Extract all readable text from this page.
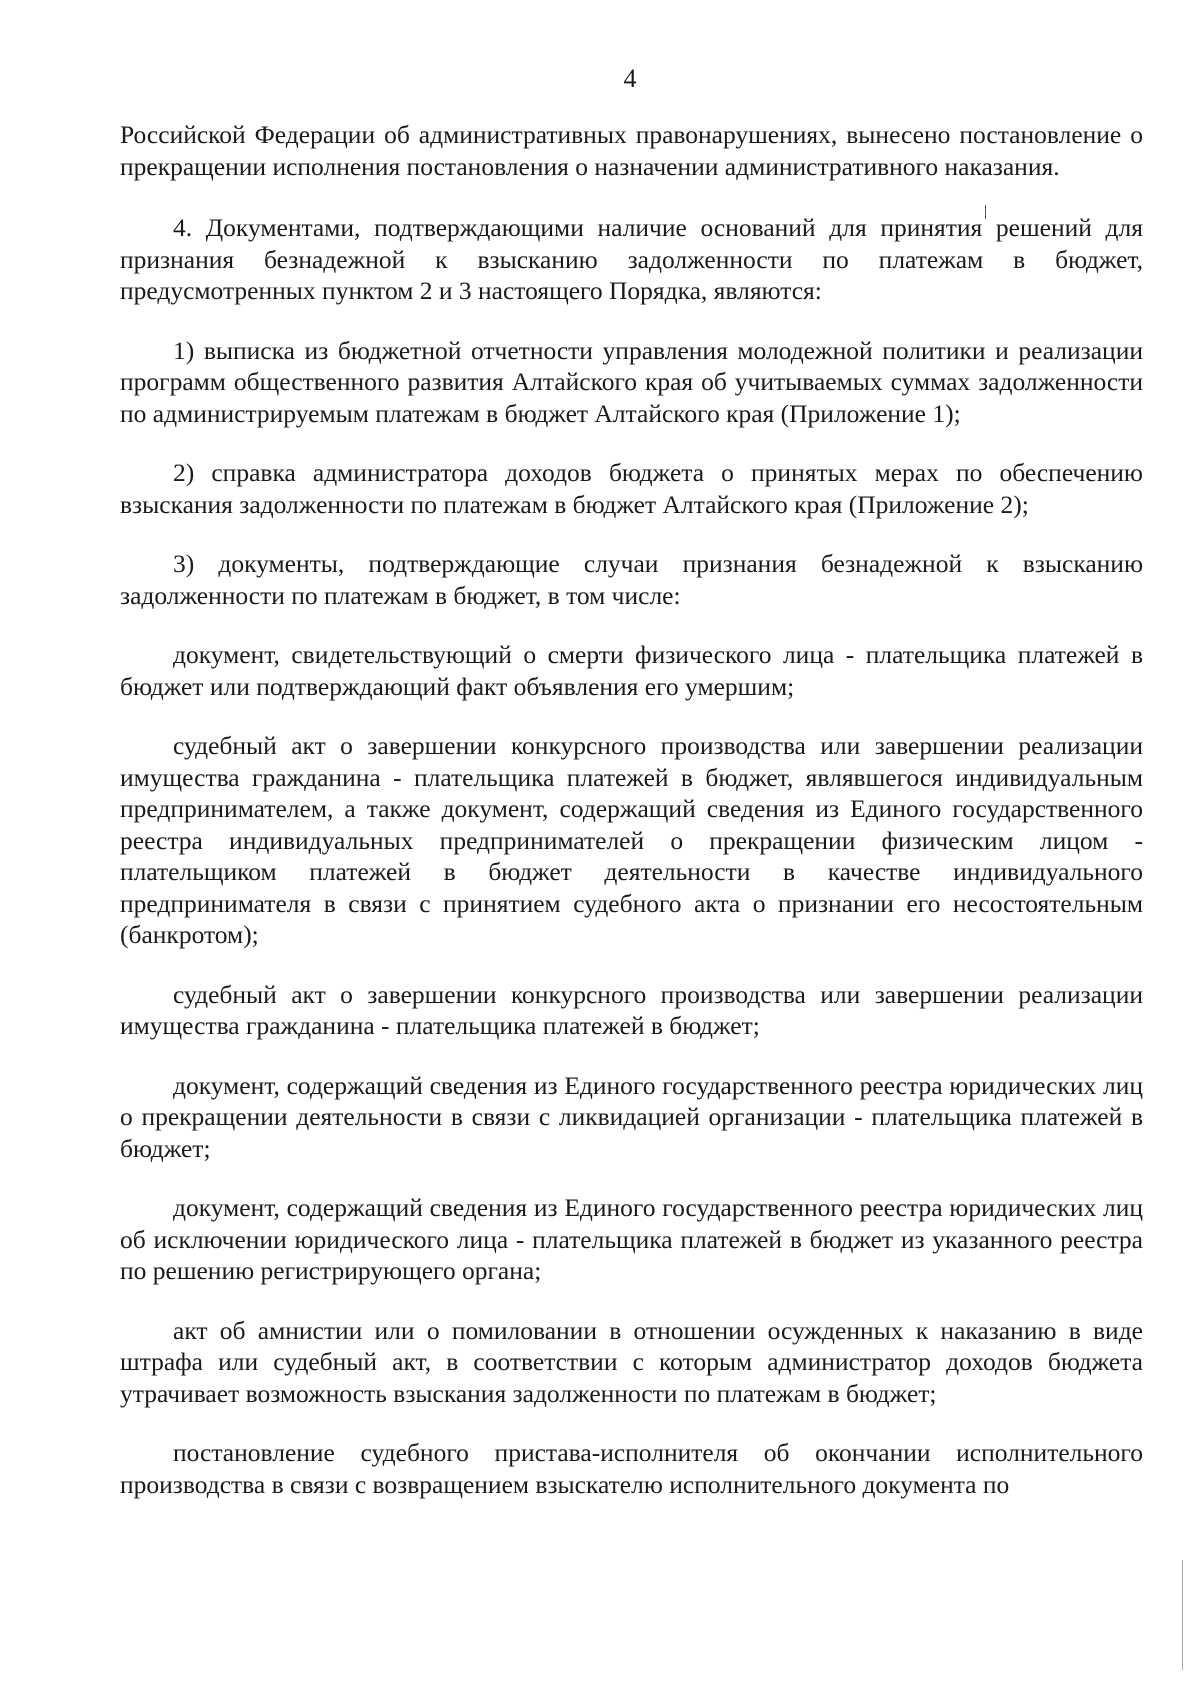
4

Российской Федерации об административных правонарушениях, вынесено постановление о прекращении исполнения постановления о назначении административного наказания.

4. Документами, подтверждающими наличие оснований для принятия решений для признания безнадежной к взысканию задолженности по платежам в бюджет, предусмотренных пунктом 2 и 3 настоящего Порядка, являются:

1) выписка из бюджетной отчетности управления молодежной политики и реализации программ общественного развития Алтайского края об учитываемых суммах задолженности по администрируемым платежам в бюджет Алтайского края (Приложение 1);

2) справка администратора доходов бюджета о принятых мерах по обеспечению взыскания задолженности по платежам в бюджет Алтайского края (Приложение 2);

3) документы, подтверждающие случаи признания безнадежной к взысканию задолженности по платежам в бюджет, в том числе:

документ, свидетельствующий о смерти физического лица - плательщика платежей в бюджет или подтверждающий факт объявления его умершим;

судебный акт о завершении конкурсного производства или завершении реализации имущества гражданина - плательщика платежей в бюджет, являвшегося индивидуальным предпринимателем, а также документ, содержащий сведения из Единого государственного реестра индивидуальных предпринимателей о прекращении физическим лицом - плательщиком платежей в бюджет деятельности в качестве индивидуального предпринимателя в связи с принятием судебного акта о признании его несостоятельным (банкротом);

судебный акт о завершении конкурсного производства или завершении реализации имущества гражданина - плательщика платежей в бюджет;

документ, содержащий сведения из Единого государственного реестра юридических лиц о прекращении деятельности в связи с ликвидацией организации - плательщика платежей в бюджет;

документ, содержащий сведения из Единого государственного реестра юридических лиц об исключении юридического лица - плательщика платежей в бюджет из указанного реестра по решению регистрирующего органа;

акт об амнистии или о помиловании в отношении осужденных к наказанию в виде штрафа или судебный акт, в соответствии с которым администратор доходов бюджета утрачивает возможность взыскания задолженности по платежам в бюджет;

постановление судебного пристава-исполнителя об окончании исполнительного производства в связи с возвращением взыскателю исполнительного документа по
